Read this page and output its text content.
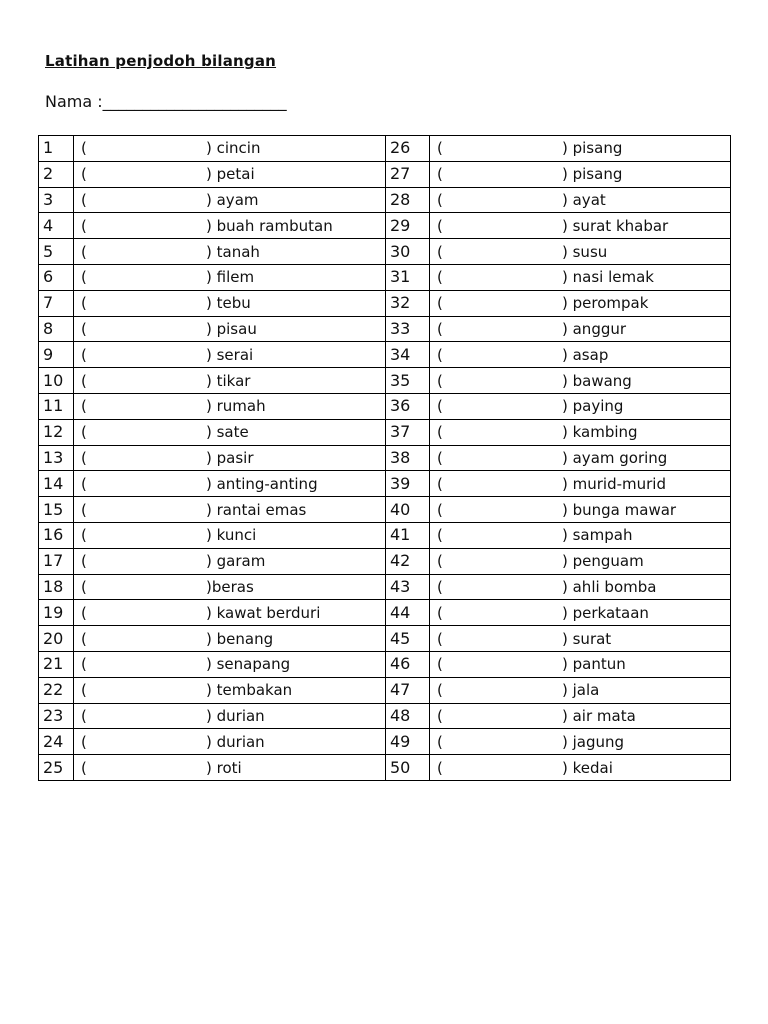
Latihan penjodoh bilangan
Nama :_______________________
1	( ) cincin	26	( ) pisang

2	( ) petai	27	( ) pisang

3	( ) ayam	28	( ) ayat

4	( ) buah rambutan	29	( ) surat khabar

5	( ) tanah	30	( ) susu

6	( ) filem	31	( ) nasi lemak

7	( ) tebu	32	( ) perompak

8	( ) pisau	33	( ) anggur

9	( ) serai	34	( ) asap

10	( ) tikar	35	( ) bawang

11	( ) rumah	36	( ) paying

12	( ) sate	37	( ) kambing

13	( ) pasir	38	( ) ayam goring

14	( ) anting-anting	39	( ) murid-murid

15	( ) rantai emas	40	( ) bunga mawar

16	( ) kunci	41	( ) sampah

17	( ) garam	42	( ) penguam

18	( )beras	43	( ) ahli bomba

19	( ) kawat berduri	44	( ) perkataan

20	( ) benang	45	( ) surat

21	( ) senapang	46	( ) pantun

22	( ) tembakan	47	( ) jala

23	( ) durian	48	( ) air mata

24	( ) durian	49	( ) jagung

25	( ) roti	50	( ) kedai
